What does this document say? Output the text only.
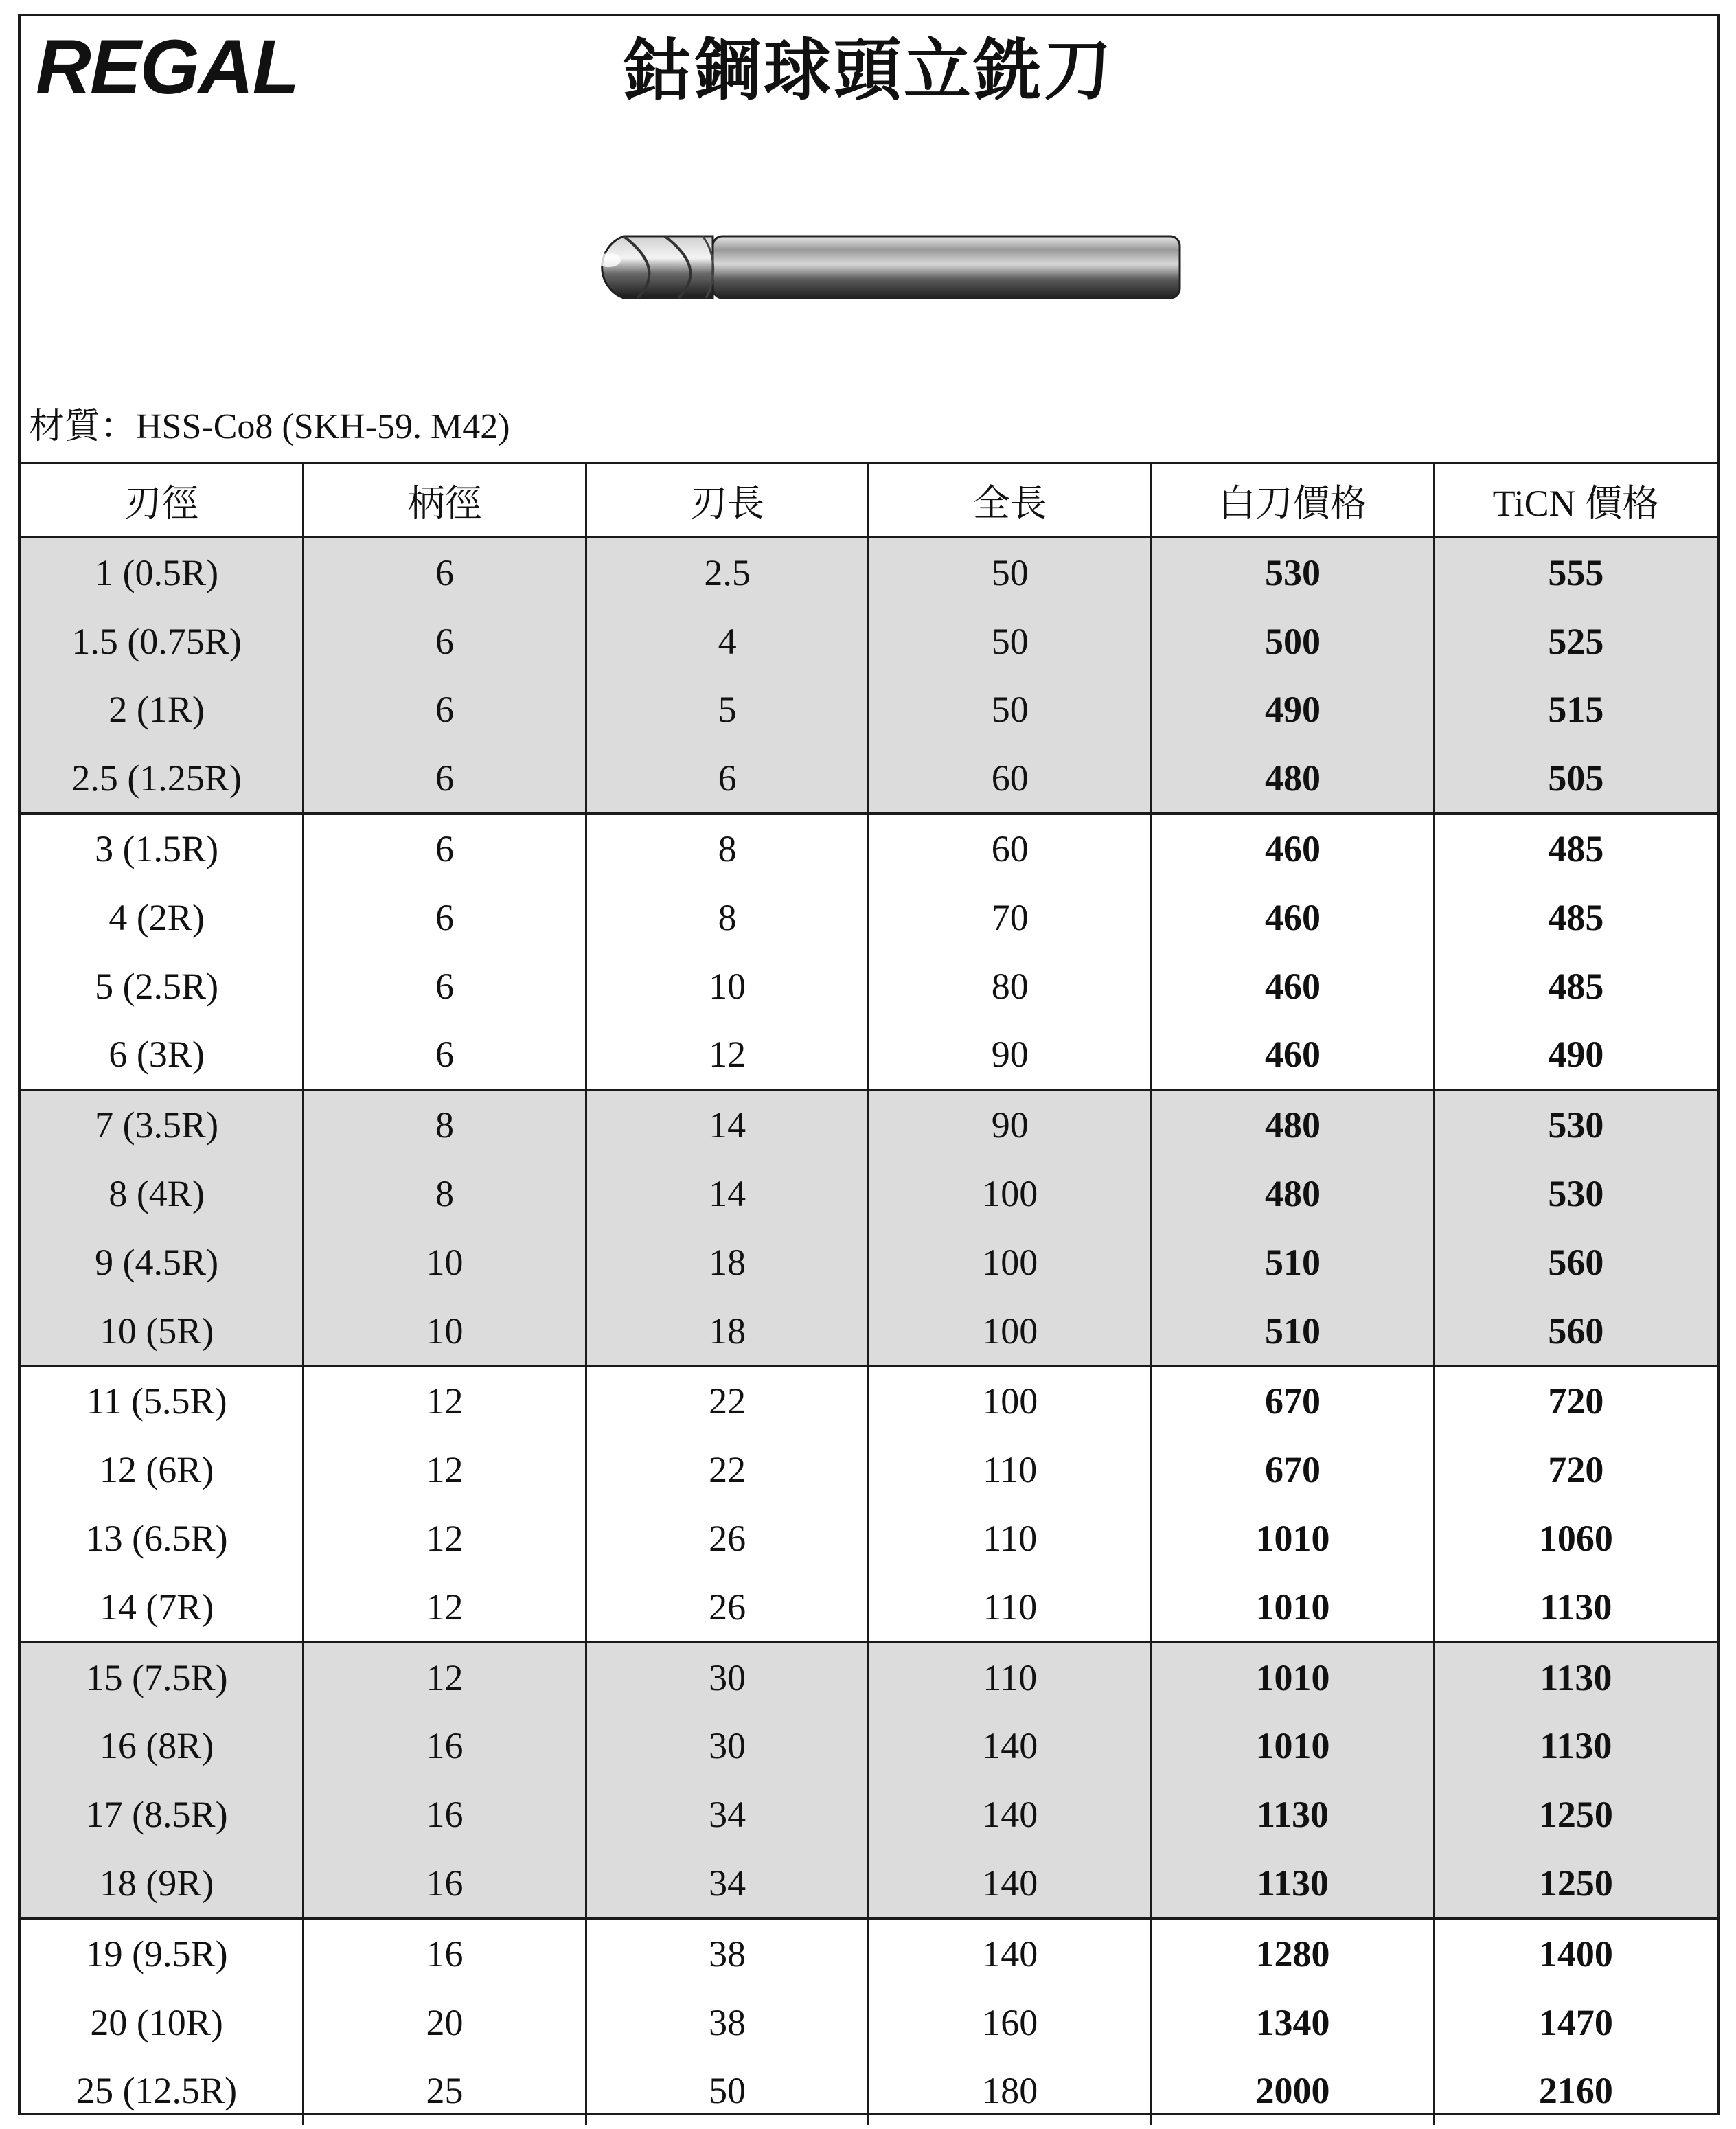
REGAL	鈷鋼球頭立銑刀
材質：HSS-Co8 (SKH-59. M42)
刃徑	柄徑	刃長	全長	白刀價格	TiCN 價格
1 (0.5R)	6	2.5	50	530	555
1.5 (0.75R)	6	4	50	500	525
2 (1R)	6	5	50	490	515
2.5 (1.25R)	6	6	60	480	505
3 (1.5R)	6	8	60	460	485
4 (2R)	6	8	70	460	485
5 (2.5R)	6	10	80	460	485
6 (3R)	6	12	90	460	490
7 (3.5R)	8	14	90	480	530
8 (4R)	8	14	100	480	530
9 (4.5R)	10	18	100	510	560
10 (5R)	10	18	100	510	560
11 (5.5R)	12	22	100	670	720
12 (6R)	12	22	110	670	720
13 (6.5R)	12	26	110	1010	1060
14 (7R)	12	26	110	1010	1130
15 (7.5R)	12	30	110	1010	1130
16 (8R)	16	30	140	1010	1130
17 (8.5R)	16	34	140	1130	1250
18 (9R)	16	34	140	1130	1250
19 (9.5R)	16	38	140	1280	1400
20 (10R)	20	38	160	1340	1470
25 (12.5R)	25	50	180	2000	2160
